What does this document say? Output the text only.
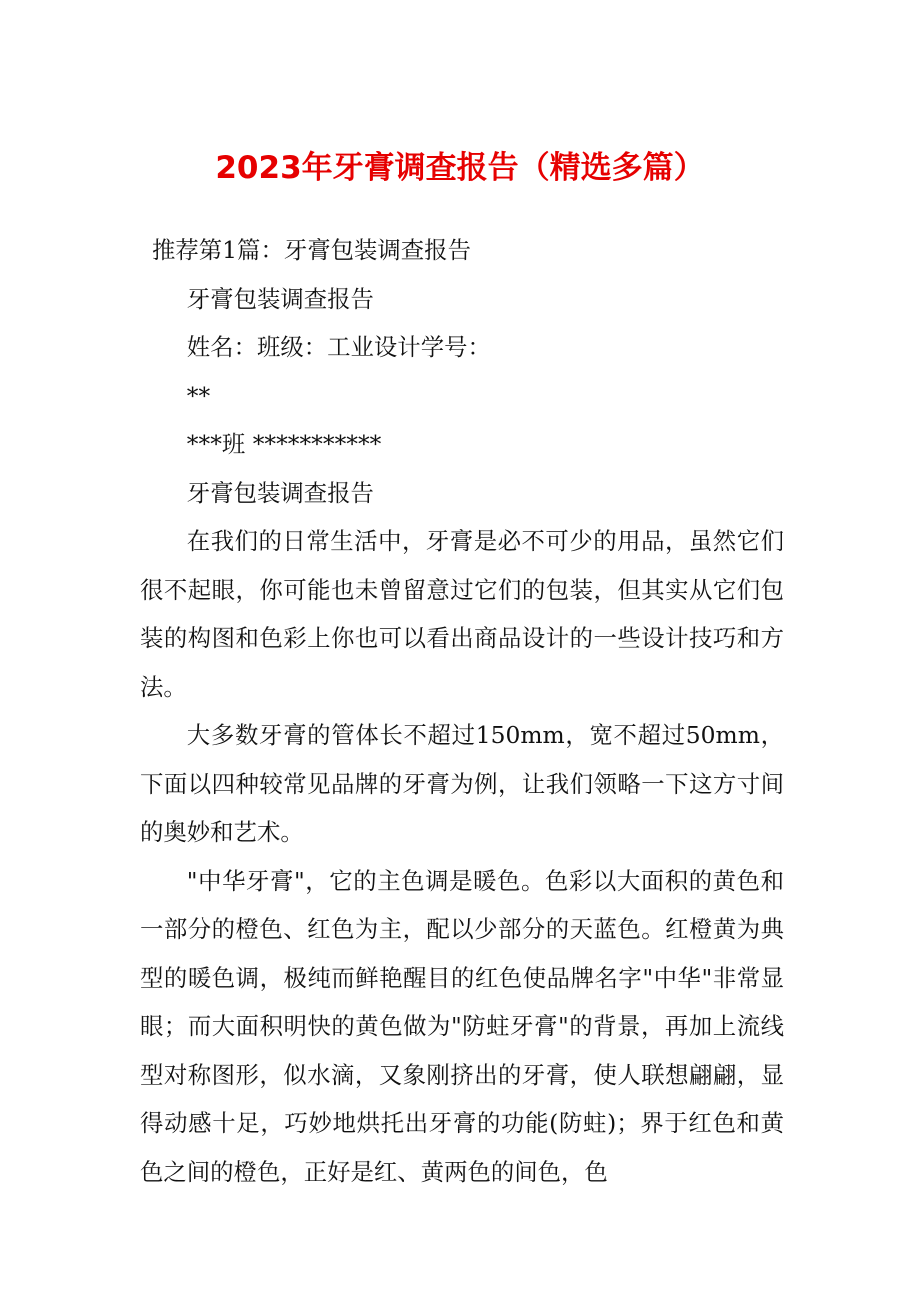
2023年牙膏调查报告（精选多篇）

推荐第1篇：牙膏包装调查报告

牙膏包装调查报告

姓名：班级：工业设计学号：

**

***班 ***********

牙膏包装调查报告

在我们的日常生活中，牙膏是必不可少的用品，虽然它们很不起眼，你可能也未曾留意过它们的包装，但其实从它们包装的构图和色彩上你也可以看出商品设计的一些设计技巧和方法。

大多数牙膏的管体长不超过150mm，宽不超过50mm，下面以四种较常见品牌的牙膏为例，让我们领略一下这方寸间的奥妙和艺术。

"中华牙膏"，它的主色调是暖色。色彩以大面积的黄色和一部分的橙色、红色为主，配以少部分的天蓝色。红橙黄为典型的暖色调，极纯而鲜艳醒目的红色使品牌名字"中华"非常显眼；而大面积明快的黄色做为"防蛀牙膏"的背景，再加上流线型对称图形，似水滴，又象刚挤出的牙膏，使人联想翩翩，显得动感十足，巧妙地烘托出牙膏的功能(防蛀)；界于红色和黄色之间的橙色，正好是红、黄两色的间色，色
